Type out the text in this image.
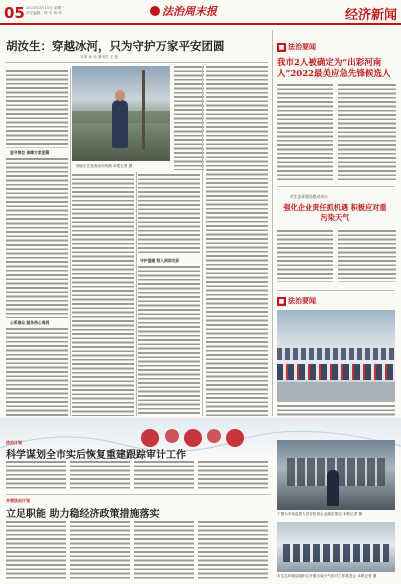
05 2023年3月15日 星期三
责任编辑：郭 亮 林 萍	法治周末报	经济新闻
胡汝生：穿越冰河，只为守护万家平安团圆
本报 孙 伟 通讯员 王 磊
坚守岗位 保障万家团圆
心系群众 服务热心周到
胡汝生在检查冰河线路 本报记者 摄
守护温暖 给人间添光彩
■ 法治要闻
我市2人被确定为“出彩河南人”2022最美应急先锋候选人
市生态环境局推动出台
强化企业责任抓机遇 积极应对重污染天气
■ 法治要闻
法治计划
科学谋划全市实后恢复重建跟踪审计工作
下图为市场监管人员在检查企业落实情况 本报记者 摄
开展法治计划
立足职能 助力稳经济政策措施落实
市生态环境局组织召开重污染天气应对工作推进会 本报记者 摄
